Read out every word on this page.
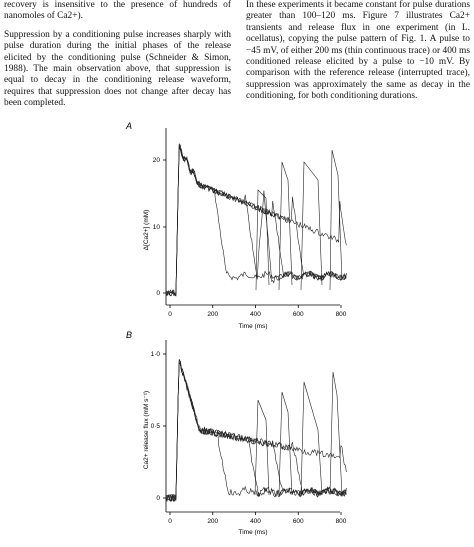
recovery is insensitive to the presence of hundreds of nanomoles of Ca2+).

Suppression by a conditioning pulse increases sharply with pulse duration during the initial phases of the release elicited by the conditioning pulse (Schneider & Simon, 1988). The main observation above, that suppression is equal to decay in the conditioning release waveform, requires that suppression does not change after decay has been completed.

In these experiments it became constant for pulse durations greater than 100–120 ms. Figure 7 illustrates Ca2+ transients and release flux in one experiment (in L. ocellatus), copying the pulse pattern of Fig. 1. A pulse to −45 mV, of either 200 ms (thin continuous trace) or 400 ms conditioned release elicited by a pulse to −10 mV. By comparison with the reference release (interrupted trace), suppression was approximately the same as decay in the conditioning, for both conditioning durations.

A
Δ[Ca2+] (mM)
Time (ms)
0	200	400	600	800
0
10
20
B
Ca2+ release flux (mM s⁻¹)
Time (ms)
0	200	400	600	800
0
0·5
1·0
